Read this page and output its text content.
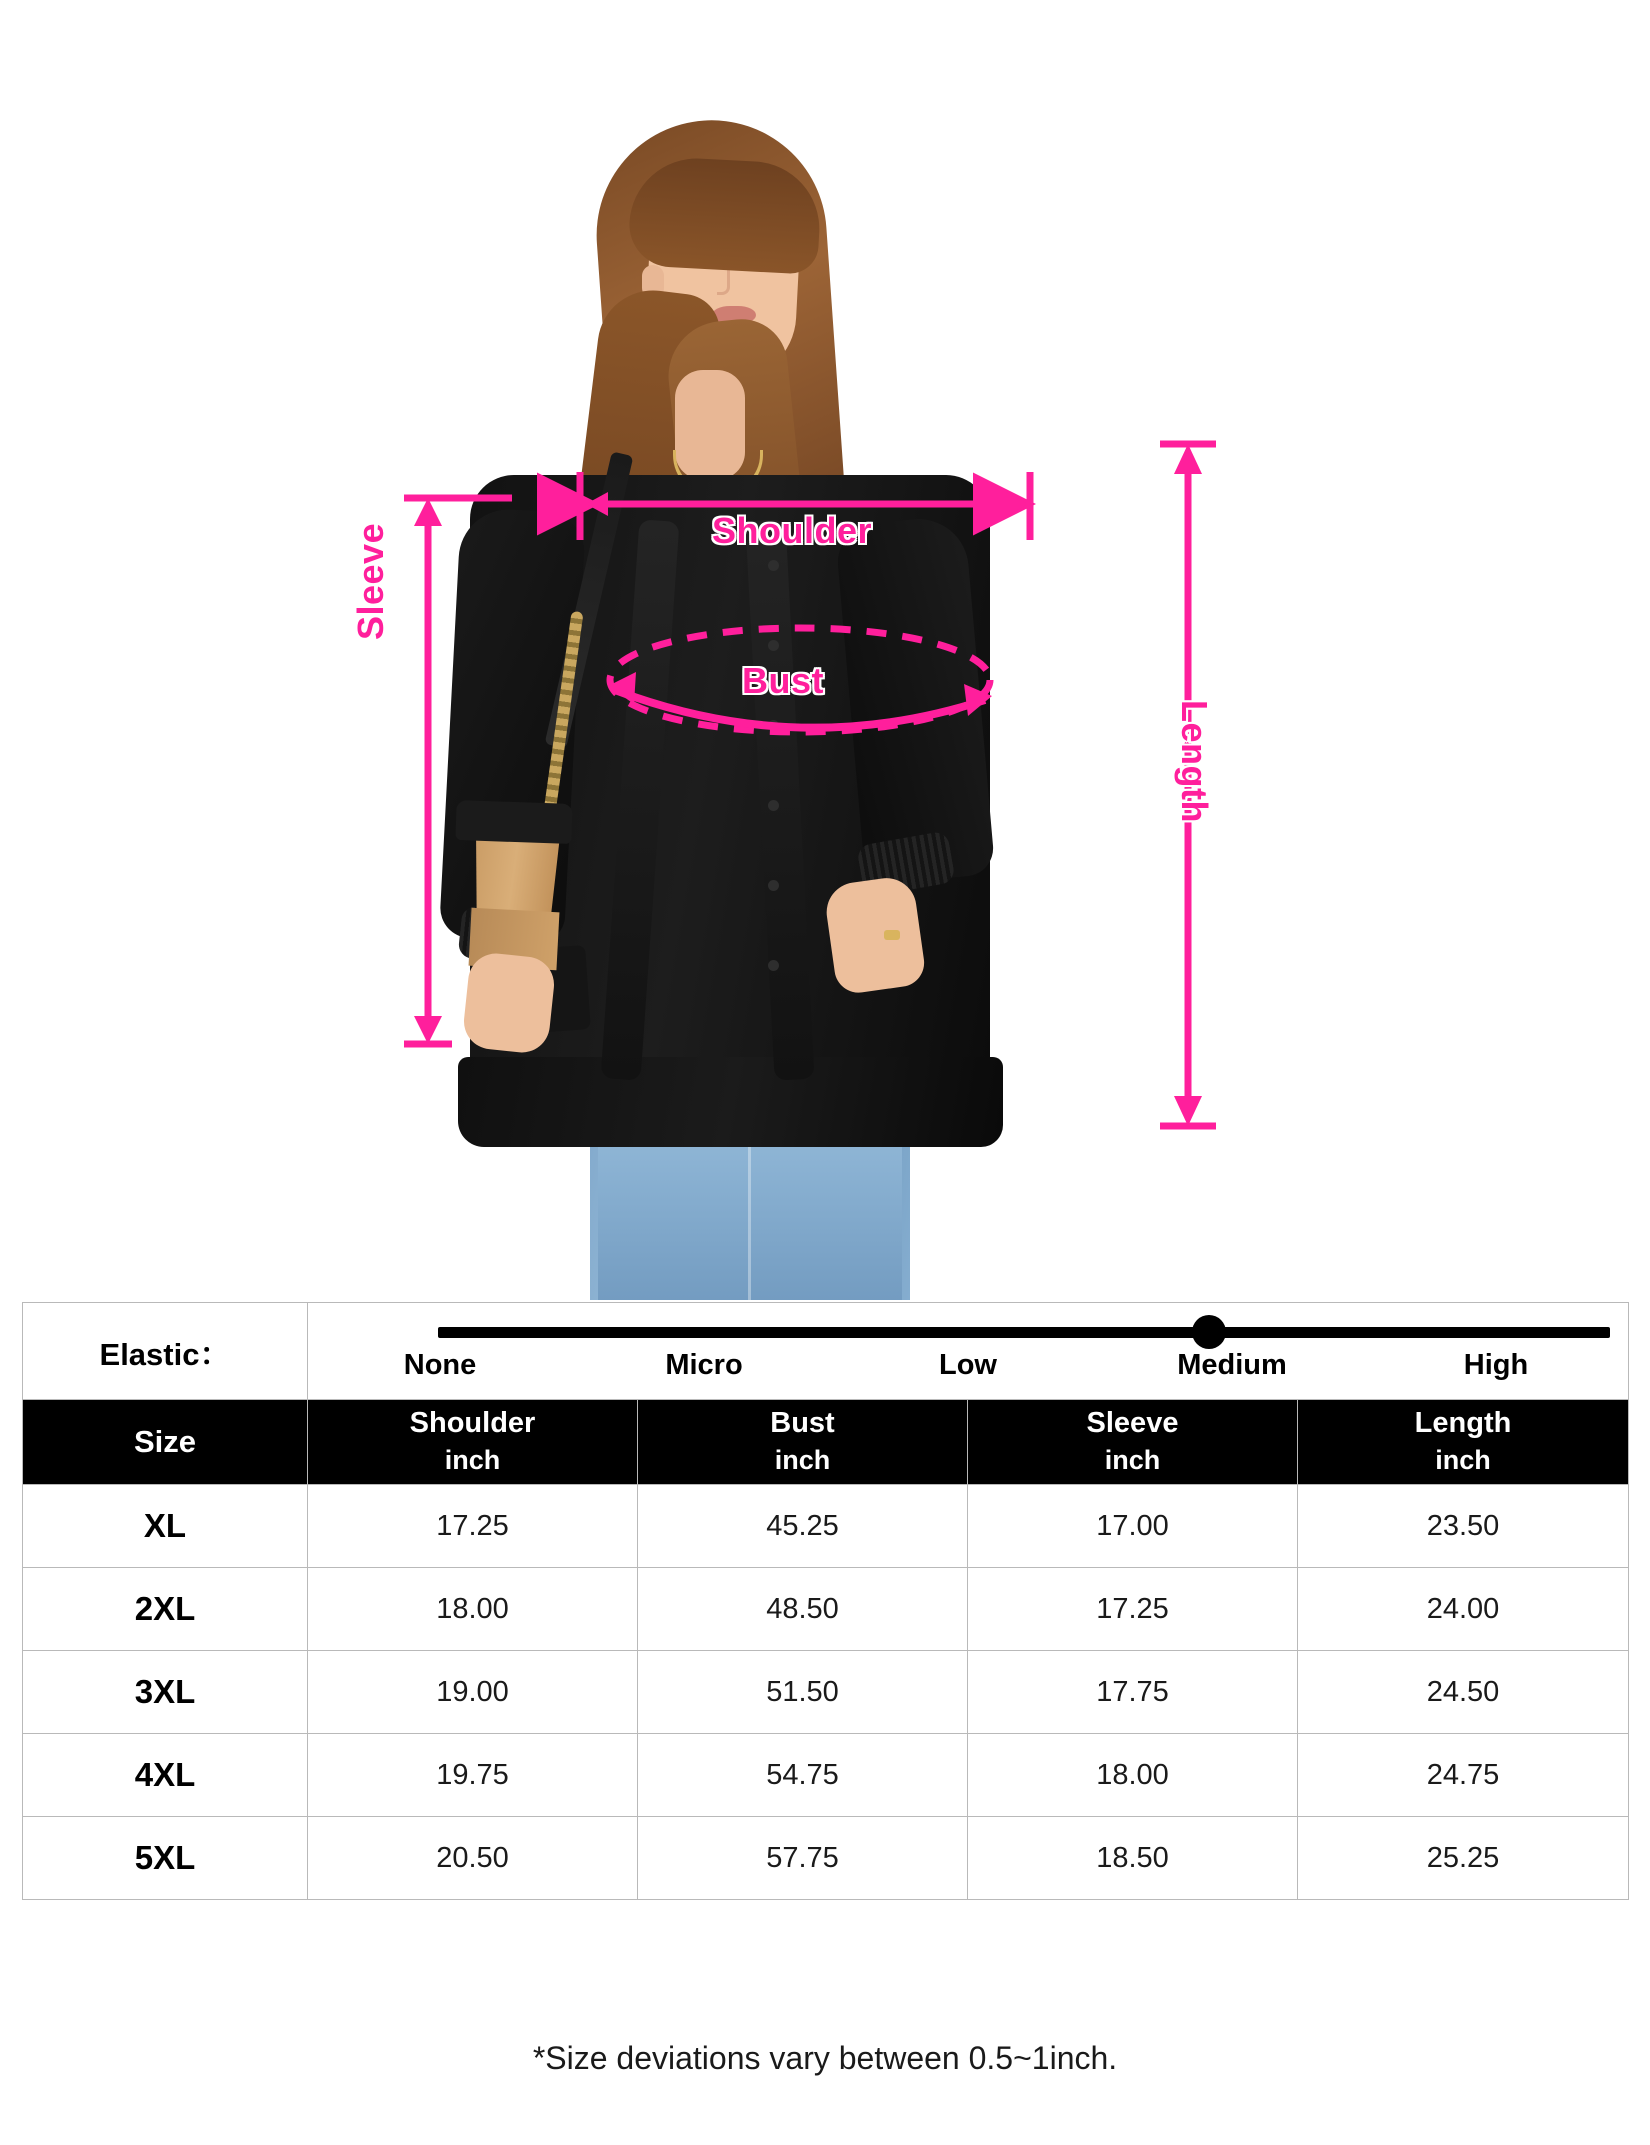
Shoulder
Bust
Sleeve
Length
Elastic：	None Micro Low Medium High			

Size	Shoulder	Bust	Sleeve	Length
	inch	inch	inch	inch
XL	17.25	45.25	17.00	23.50
2XL	18.00	48.50	17.25	24.00
3XL	19.00	51.50	17.75	24.50
4XL	19.75	54.75	18.00	24.75
5XL	20.50	57.75	18.50	25.25
*Size deviations vary between 0.5~1inch.
